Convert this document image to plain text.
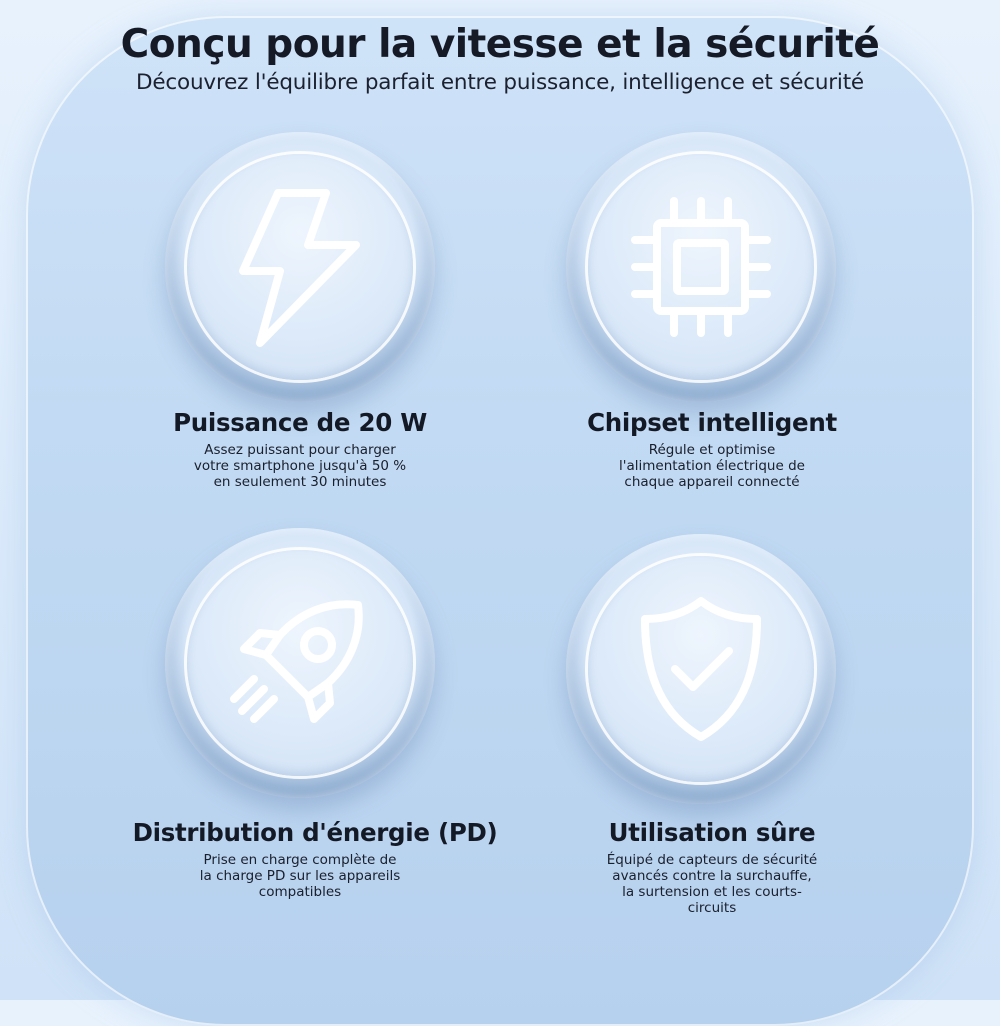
Conçu pour la vitesse et la sécurité
Découvrez l'équilibre parfait entre puissance, intelligence et sécurité
Puissance de 20 W
Assez puissant pour charger
votre smartphone jusqu'à 50 %
en seulement 30 minutes
Chipset intelligent
Régule et optimise
l'alimentation électrique de
chaque appareil connecté
Distribution d'énergie (PD)
Prise en charge complète de
la charge PD sur les appareils
compatibles
Utilisation sûre
Équipé de capteurs de sécurité
avancés contre la surchauffe,
la surtension et les courts-
circuits
